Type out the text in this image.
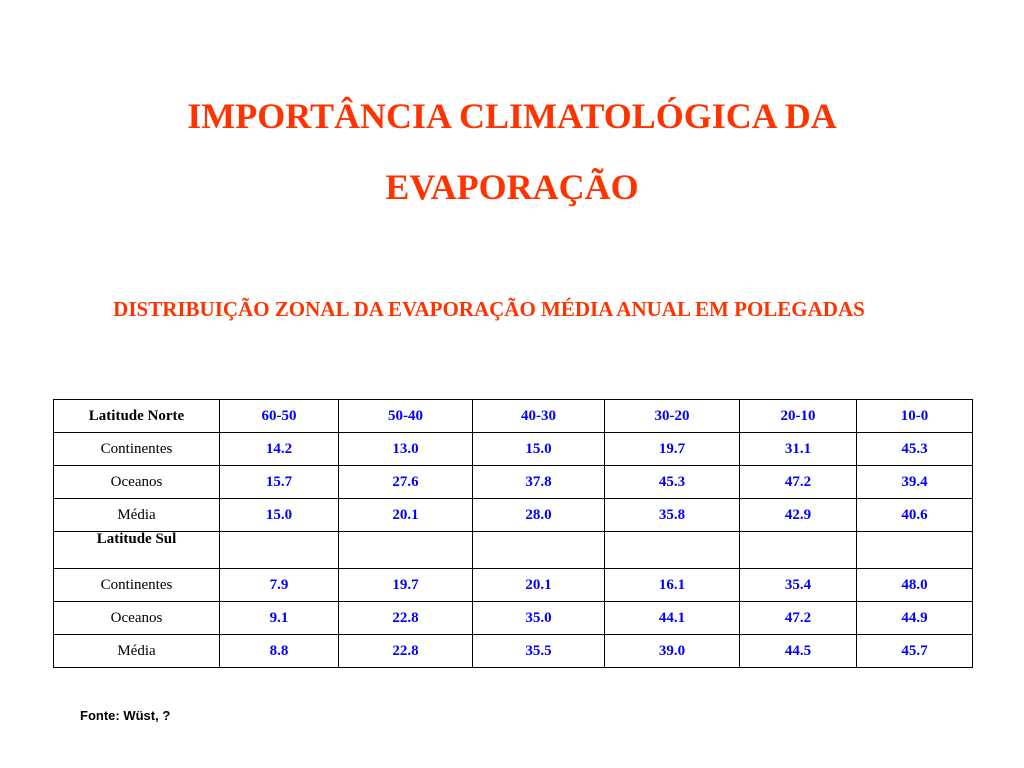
IMPORTÂNCIA CLIMATOLÓGICA DA
EVAPORAÇÃO
DISTRIBUIÇÃO ZONAL DA EVAPORAÇÃO MÉDIA ANUAL EM POLEGADAS
Latitude Norte	60-50	50-40	40-30	30-20	20-10	10-0
Continentes	14.2	13.0	15.0	19.7	31.1	45.3
Oceanos	15.7	27.6	37.8	45.3	47.2	39.4
Média	15.0	20.1	28.0	35.8	42.9	40.6
Latitude Sul						
Continentes	7.9	19.7	20.1	16.1	35.4	48.0
Oceanos	9.1	22.8	35.0	44.1	47.2	44.9
Média	8.8	22.8	35.5	39.0	44.5	45.7
Fonte: Wüst, ?
